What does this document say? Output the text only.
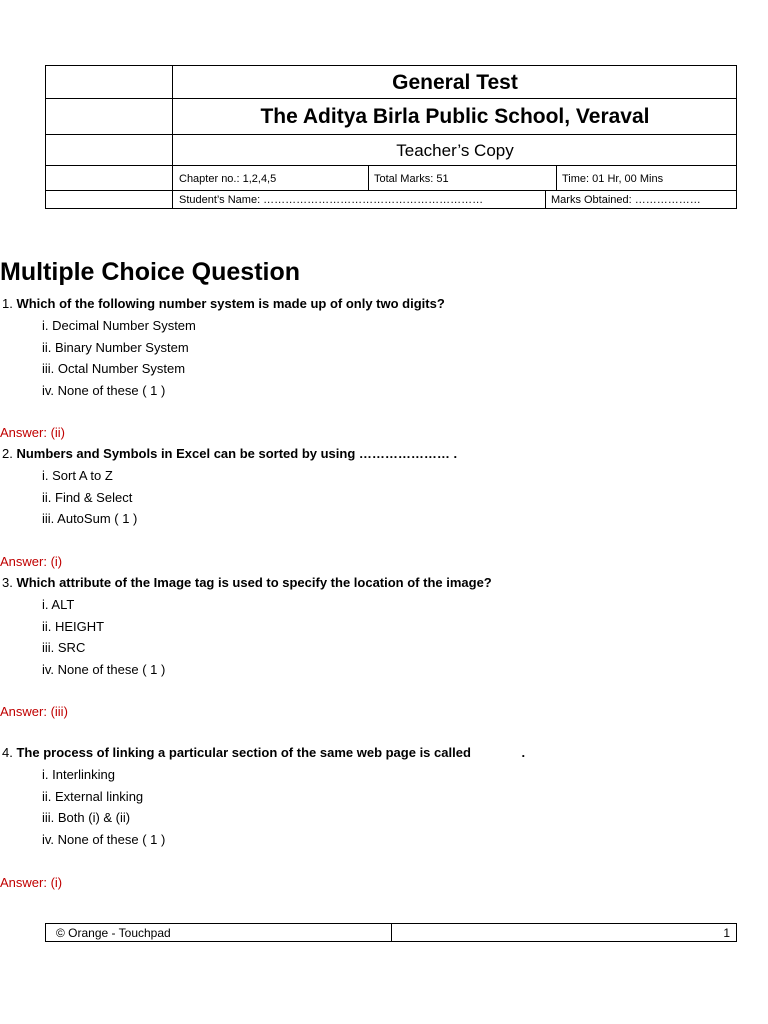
General Test
The Aditya Birla Public School, Veraval
Teacher’s Copy
Chapter no.: 1,2,4,5	Total Marks: 51	Time: 01 Hr, 00 Mins
Student’s Name: ……………………………………………………	Marks Obtained: ………………
Multiple Choice Question
1. Which of the following number system is made up of only two digits?
i. Decimal Number System
ii. Binary Number System
iii. Octal Number System
iv. None of these ( 1 )
Answer: (ii)
2. Numbers and Symbols in Excel can be sorted by using ………………… .
i. Sort A to Z
ii. Find & Select
iii. AutoSum ( 1 )
Answer: (i)
3. Which attribute of the Image tag is used to specify the location of the image?
i. ALT
ii. HEIGHT
iii. SRC
iv. None of these ( 1 )
Answer: (iii)
4. The process of linking a particular section of the same web page is called              .
i. Interlinking
ii. External linking
iii. Both (i) & (ii)
iv. None of these ( 1 )
Answer: (i)
© Orange - Touchpad	1
